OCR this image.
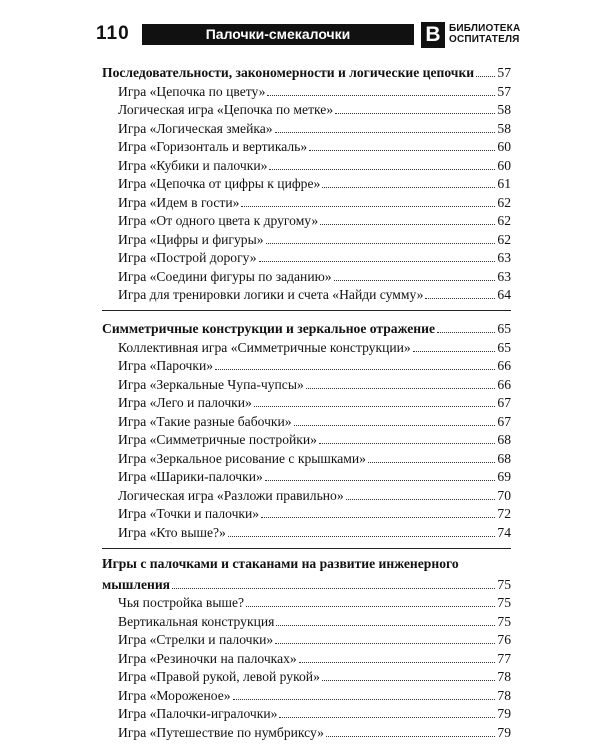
110	Палочки-смекалочки	В БИБЛИОТЕКА
ОСПИТАТЕЛЯ
Последовательности, закономерности и логические цепочки 57
Игра «Цепочка по цвету»	57
Логическая игра «Цепочка по метке»	58
Игра «Логическая змейка»	58
Игра «Горизонталь и вертикаль»	60
Игра «Кубики и палочки»	60
Игра «Цепочка от цифры к цифре»	61
Игра «Идем в гости»	62
Игра «От одного цвета к другому»	62
Игра «Цифры и фигуры»	62
Игра «Построй дорогу»	63
Игра «Соедини фигуры по заданию»	63
Игра для тренировки логики и счета «Найди сумму»	64
Симметричные конструкции и зеркальное отражение	65
Коллективная игра «Симметричные конструкции»	65
Игра «Парочки»	66
Игра «Зеркальные Чупа-чупсы»	66
Игра «Лего и палочки»	67
Игра «Такие разные бабочки»	67
Игра «Симметричные постройки»	68
Игра «Зеркальное рисование с крышками»	68
Игра «Шарики-палочки»	69
Логическая игра «Разложи правильно»	70
Игра «Точки и палочки»	72
Игра «Кто выше?»	74
Игры с палочками и стаканами на развитие инженерного
мышления	75
Чья постройка выше?	75
Вертикальная конструкция	75
Игра «Стрелки и палочки»	76
Игра «Резиночки на палочках»	77
Игра «Правой рукой, левой рукой»	78
Игра «Мороженое»	78
Игра «Палочки-игралочки»	79
Игра «Путешествие по нумбриксу»	79
